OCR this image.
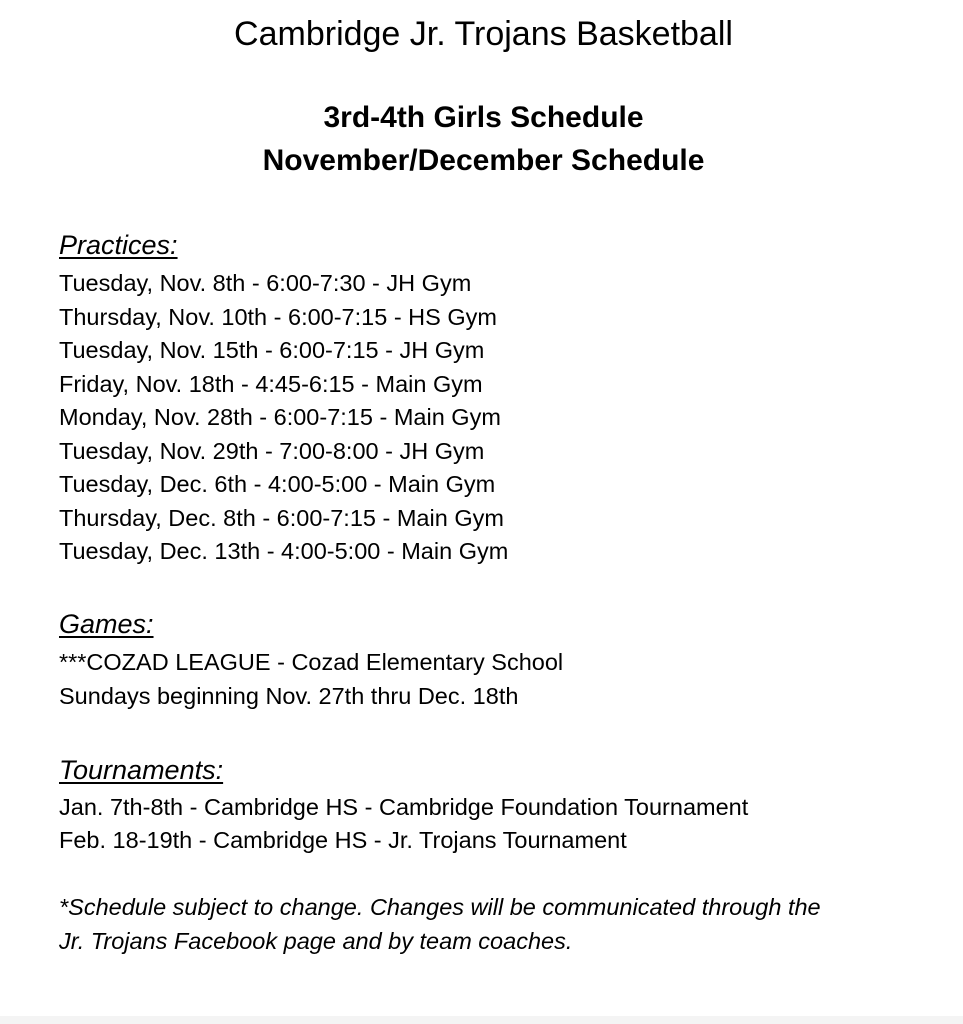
Cambridge Jr. Trojans Basketball
3rd-4th Girls Schedule
November/December Schedule
Practices:

Tuesday, Nov. 8th - 6:00-7:30 - JH Gym

Thursday, Nov. 10th - 6:00-7:15 - HS Gym

Tuesday, Nov. 15th - 6:00-7:15 - JH Gym

Friday, Nov. 18th - 4:45-6:15 - Main Gym

Monday, Nov. 28th - 6:00-7:15 - Main Gym

Tuesday, Nov. 29th - 7:00-8:00 - JH Gym

Tuesday, Dec. 6th - 4:00-5:00 - Main Gym

Thursday, Dec. 8th - 6:00-7:15 - Main Gym

Tuesday, Dec. 13th - 4:00-5:00 - Main Gym

Games:

***COZAD LEAGUE - Cozad Elementary School

Sundays beginning Nov. 27th thru Dec. 18th

Tournaments:

Jan. 7th-8th - Cambridge HS - Cambridge Foundation Tournament

Feb. 18-19th - Cambridge HS - Jr. Trojans Tournament

*Schedule subject to change. Changes will be communicated through the

Jr. Trojans Facebook page and by team coaches.
